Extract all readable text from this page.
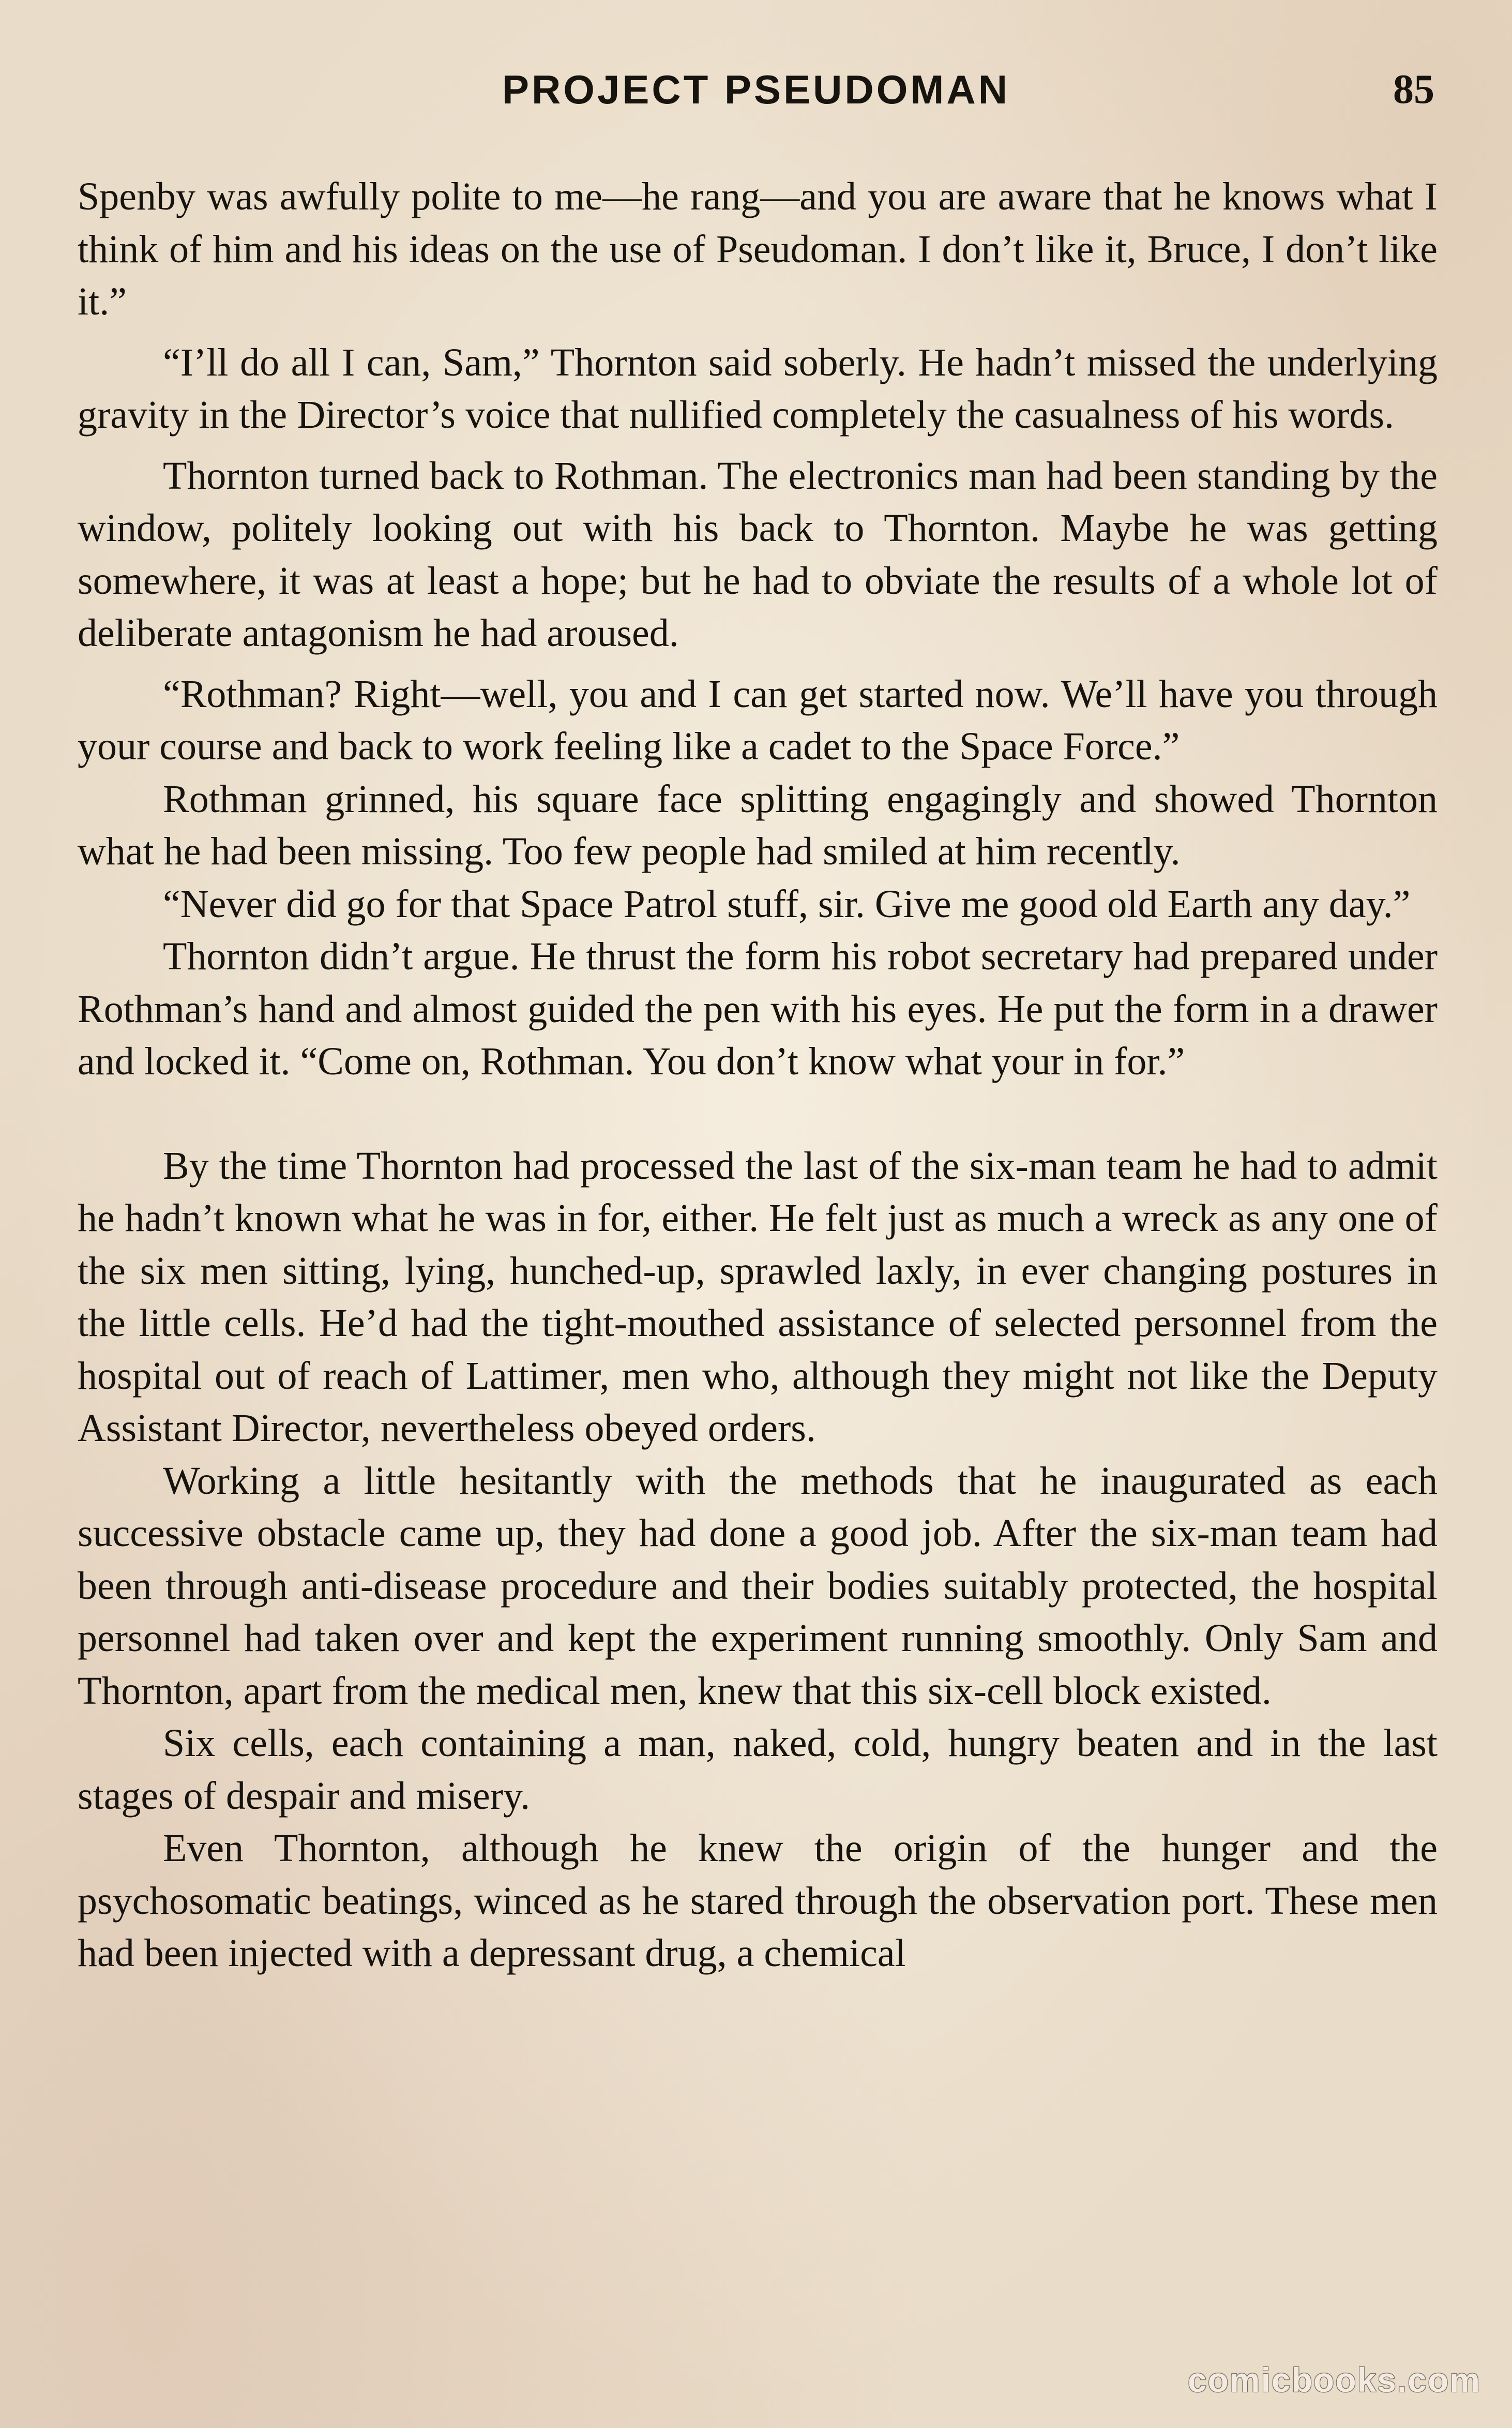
PROJECT PSEUDOMAN	85

Spenby was awfully polite to me—he rang—and you are aware that he knows what I think of him and his ideas on the use of Pseudoman. I don’t like it, Bruce, I don’t like it.”

“I’ll do all I can, Sam,” Thornton said soberly. He hadn’t missed the underlying gravity in the Director’s voice that nullified completely the casualness of his words.

Thornton turned back to Rothman. The electronics man had been standing by the window, politely looking out with his back to Thornton. Maybe he was getting somewhere, it was at least a hope; but he had to obviate the results of a whole lot of deliberate antagonism he had aroused.

“Rothman? Right—well, you and I can get started now. We’ll have you through your course and back to work feeling like a cadet to the Space Force.”

Rothman grinned, his square face splitting engagingly and showed Thornton what he had been missing. Too few people had smiled at him recently.

“Never did go for that Space Patrol stuff, sir. Give me good old Earth any day.”

Thornton didn’t argue. He thrust the form his robot secretary had prepared under Rothman’s hand and almost guided the pen with his eyes. He put the form in a drawer and locked it. “Come on, Rothman. You don’t know what your in for.”

By the time Thornton had processed the last of the six-man team he had to admit he hadn’t known what he was in for, either. He felt just as much a wreck as any one of the six men sitting, lying, hunched-up, sprawled laxly, in ever changing postures in the little cells. He’d had the tight-mouthed assistance of selected personnel from the hospital out of reach of Lattimer, men who, although they might not like the Deputy Assistant Director, nevertheless obeyed orders.

Working a little hesitantly with the methods that he inaugurated as each successive obstacle came up, they had done a good job. After the six-man team had been through anti-disease procedure and their bodies suitably protected, the hospital personnel had taken over and kept the experiment running smoothly. Only Sam and Thornton, apart from the medical men, knew that this six-cell block existed.

Six cells, each containing a man, naked, cold, hungry beaten and in the last stages of despair and misery.

Even Thornton, although he knew the origin of the hunger and the psychosomatic beatings, winced as he stared through the observation port. These men had been injected with a depressant drug, a chemical

comicbooks.com
